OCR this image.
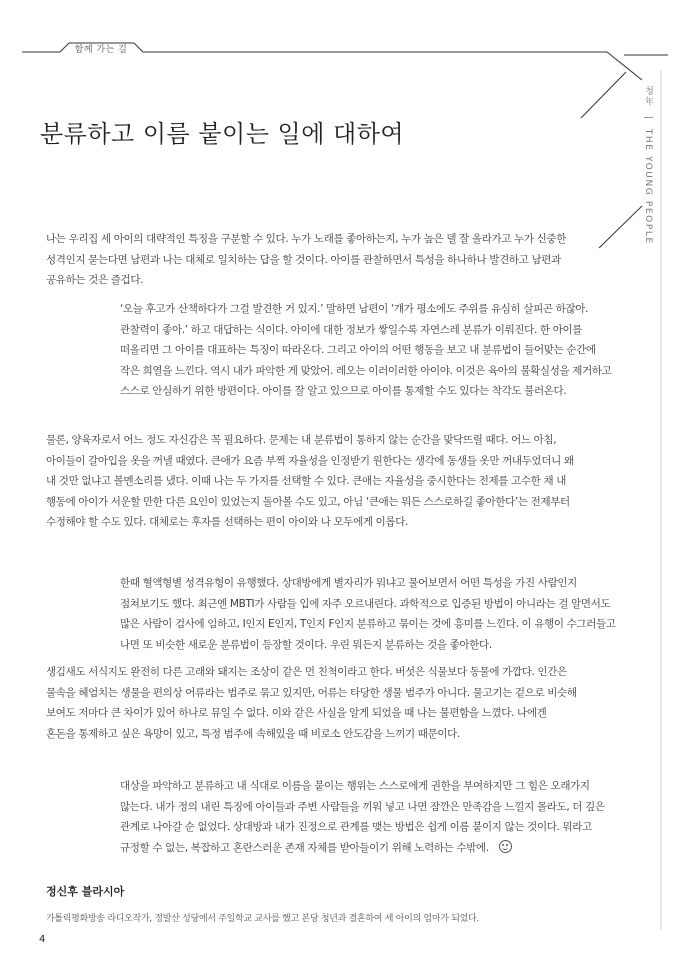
함께 가는 길
청年 | THE YOUNG PEOPLE
분류하고 이름 붙이는 일에 대하여

나는 우리집 세 아이의 대략적인 특징을 구분할 수 있다. 누가 노래를 좋아하는지, 누가 높은 델 잘 올라가고 누가 신중한 성격인지 묻는다면 남편과 나는 대체로 일치하는 답을 할 것이다. 아이를 관찰하면서 특성을 하나하나 발견하고 남편과 공유하는 것은 즐겁다.

‘오늘 후고가 산책하다가 그걸 발견한 거 있지.’ 말하면 남편이 ‘걔가 평소에도 주위를 유심히 살피곤 하잖아. 관찰력이 좋아.’ 하고 대답하는 식이다. 아이에 대한 정보가 쌓일수록 자연스레 분류가 이뤄진다. 한 아이를 떠올리면 그 아이를 대표하는 특징이 따라온다. 그리고 아이의 어떤 행동을 보고 내 분류법이 들어맞는 순간에 작은 희열을 느낀다. 역시 내가 파악한 게 맞았어. 레오는 이러이러한 아이야. 이것은 육아의 불확실성을 제거하고 스스로 안심하기 위한 방편이다. 아이를 잘 알고 있으므로 아이를 통제할 수도 있다는 착각도 불러온다.

물론, 양육자로서 어느 정도 자신감은 꼭 필요하다. 문제는 내 분류법이 통하지 않는 순간을 맞닥뜨릴 때다. 어느 아침, 아이들이 갈아입을 옷을 꺼낼 때였다. 큰애가 요즘 부쩍 자율성을 인정받기 원한다는 생각에 동생들 옷만 꺼내두었더니 왜 내 것만 없냐고 볼멘소리를 냈다. 이때 나는 두 가지를 선택할 수 있다. 큰애는 자율성을 중시한다는 전제를 고수한 채 내 행동에 아이가 서운할 만한 다른 요인이 있었는지 돌아볼 수도 있고, 아님 ‘큰애는 뭐든 스스로하길 좋아한다’는 전제부터 수정해야 할 수도 있다. 대체로는 후자를 선택하는 편이 아이와 나 모두에게 이롭다.

한때 혈액형별 성격유형이 유행했다. 상대방에게 별자리가 뭐냐고 물어보면서 어떤 특성을 가진 사람인지 점쳐보기도 했다. 최근엔 MBTI가 사람들 입에 자주 오르내린다. 과학적으로 입증된 방법이 아니라는 걸 알면서도 많은 사람이 검사에 임하고, I인지 E인지, T인지 F인지 분류하고 묶이는 것에 흥미를 느낀다. 이 유행이 수그러들고 나면 또 비슷한 새로운 분류법이 등장할 것이다. 우린 뭐든지 분류하는 것을 좋아한다.

생김새도 서식지도 완전히 다른 고래와 돼지는 조상이 같은 먼 친척이라고 한다. 버섯은 식물보다 동물에 가깝다. 인간은 물속을 헤엄치는 생물을 편의상 어류라는 범주로 묶고 있지만, 어류는 타당한 생물 범주가 아니다. 물고기는 겉으로 비슷해 보여도 저마다 큰 차이가 있어 하나로 뮤일 수 없다. 이와 같은 사실을 알게 되었을 때 나는 불편함을 느꼈다. 나에겐 혼돈을 통제하고 싶은 욕망이 있고, 특정 범주에 속해있을 때 비로소 안도감을 느끼기 때문이다.

대상을 파악하고 분류하고 내 식대로 이름을 붙이는 행위는 스스로에게 권한을 부여하지만 그 힘은 오래가지 않는다. 내가 정의 내린 특징에 아이들과 주변 사람들을 끼워 넣고 나면 잠깐은 만족감을 느낄지 몰라도, 더 깊은 관계로 나아갈 순 없었다. 상대방과 내가 진정으로 관계를 맺는 방법은 쉽게 이름 붙이지 않는 것이다. 뭐라고 규정할 수 없는, 복잡하고 혼란스러운 존재 자체를 받아들이기 위해 노력하는 수밖에.

정신후 블라시아

가톨릭평화방송 라디오작가, 정발산 성당에서 주일학교 교사를 했고 본당 청년과 결혼하여 세 아이의 엄마가 되었다.

4
